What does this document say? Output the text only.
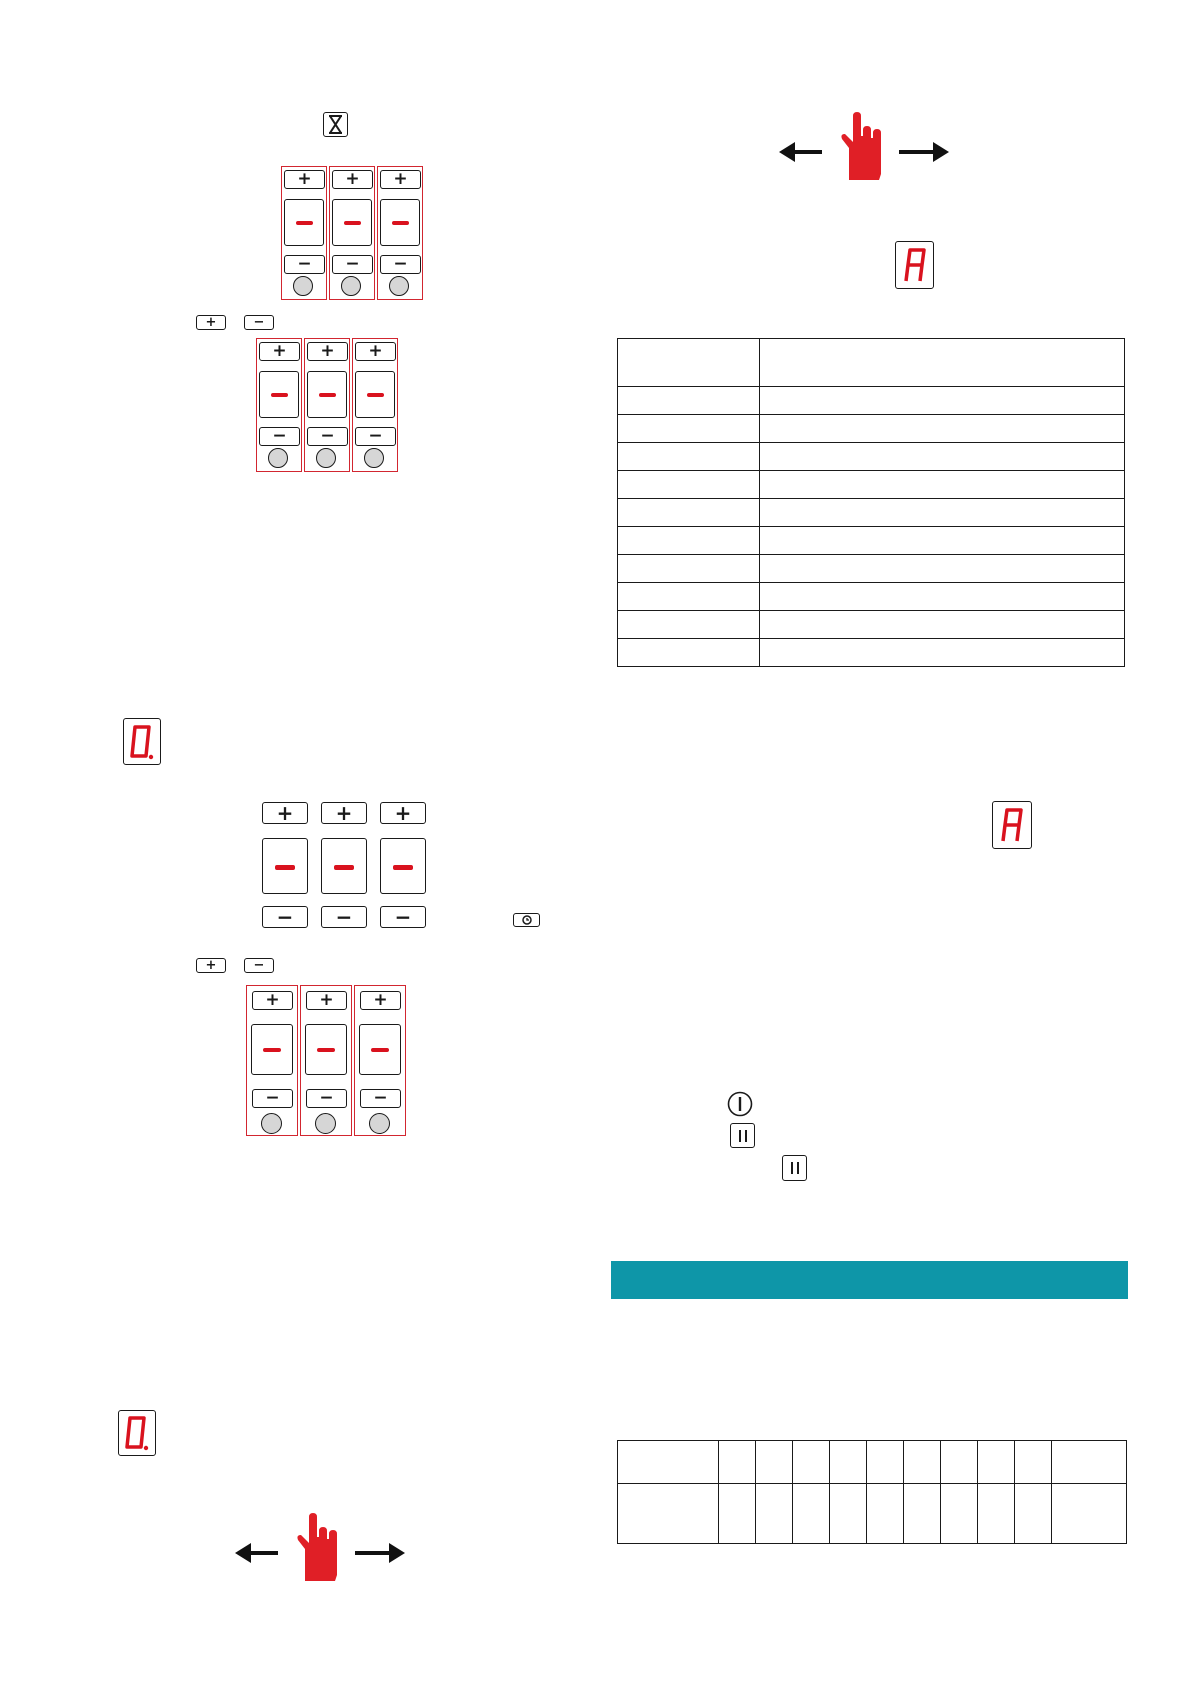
+	+	+
−	−	−
+	−
+	+	+
−	−	−
+	+	+
−	−	−
+	−
+	+	+
−	−	−
